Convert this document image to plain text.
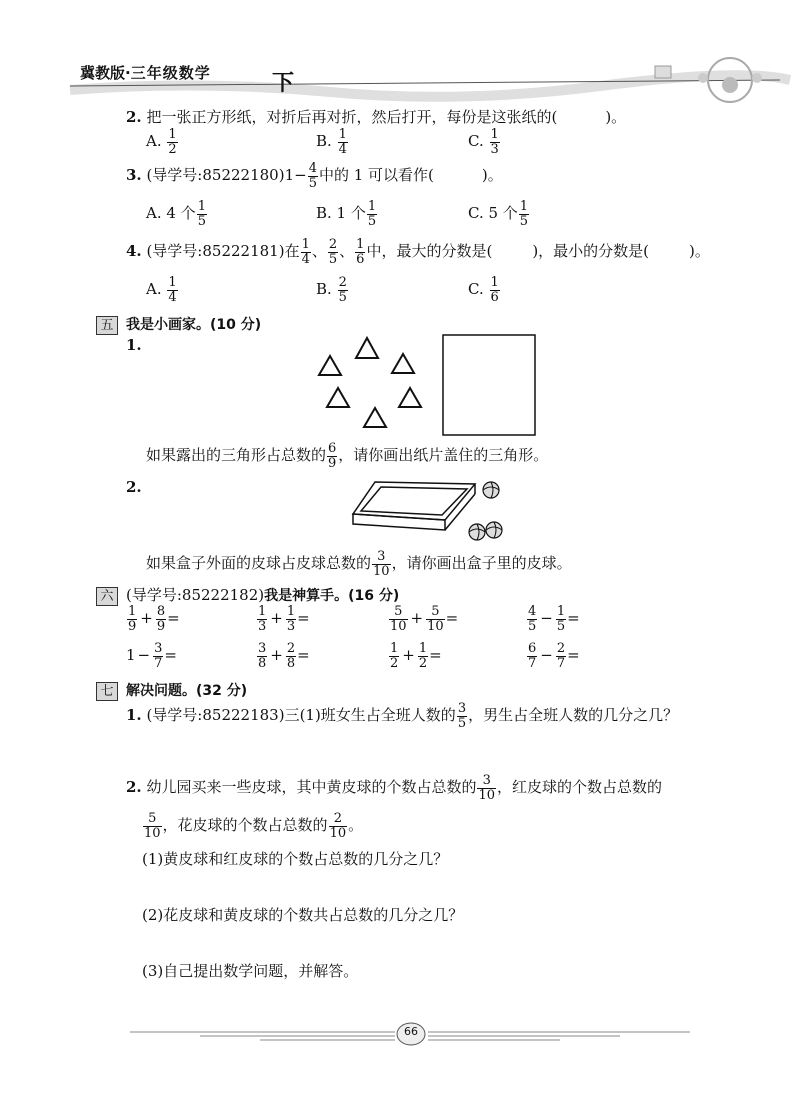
冀教版·三年级数学	下
2. 把一张正方形纸，对折后再对折，然后打开，每份是这张纸的(	)。
A. $\frac{1}{2}$	B. $\frac{1}{4}$	C. $\frac{1}{3}$
3. (导学号:85222180)1− $\frac{4}{5}$ 中的 1 可以看作(	)。
A. 4 个 $\frac{1}{5}$	B. 1 个 $\frac{1}{5}$	C. 5 个 $\frac{1}{5}$
4. (导学号:85222181)在 $\frac{1}{4}$ 、 $\frac{2}{5}$ 、 $\frac{1}{6}$ 中，最大的分数是(	)，最小的分数是(	)。
A. $\frac{1}{4}$	B. $\frac{2}{5}$	C. $\frac{1}{6}$
五 我是小画家。(10 分)
1.
如果露出的三角形占总数的 $\frac{6}{9}$ ，请你画出纸片盖住的三角形。
2.
如果盒子外面的皮球占皮球总数的 $\frac{3}{10}$ ，请你画出盒子里的皮球。
六 (导学号:85222182)我是神算手。(16 分)
$\frac{1}{9} + \frac{8}{9}$ =	$\frac{1}{3} + \frac{1}{3}$ =	$\frac{5}{10} + \frac{5}{10}$ =	$\frac{4}{5} - \frac{1}{5}$ =
$1 - \frac{3}{7}$ =	$\frac{3}{8} + \frac{2}{8}$ =	$\frac{1}{2} + \frac{1}{2}$ =	$\frac{6}{7} - \frac{2}{7}$ =
七 解决问题。(32 分)
1. (导学号:85222183)三(1)班女生占全班人数的 $\frac{3}{5}$ ，男生占全班人数的几分之几？
2. 幼儿园买来一些皮球，其中黄皮球的个数占总数的 $\frac{3}{10}$ ，红皮球的个数占总数的
$\frac{5}{10}$ ，花皮球的个数占总数的 $\frac{2}{10}$ 。
(1)黄皮球和红皮球的个数占总数的几分之几？
(2)花皮球和黄皮球的个数共占总数的几分之几？
(3)自己提出数学问题，并解答。
66
